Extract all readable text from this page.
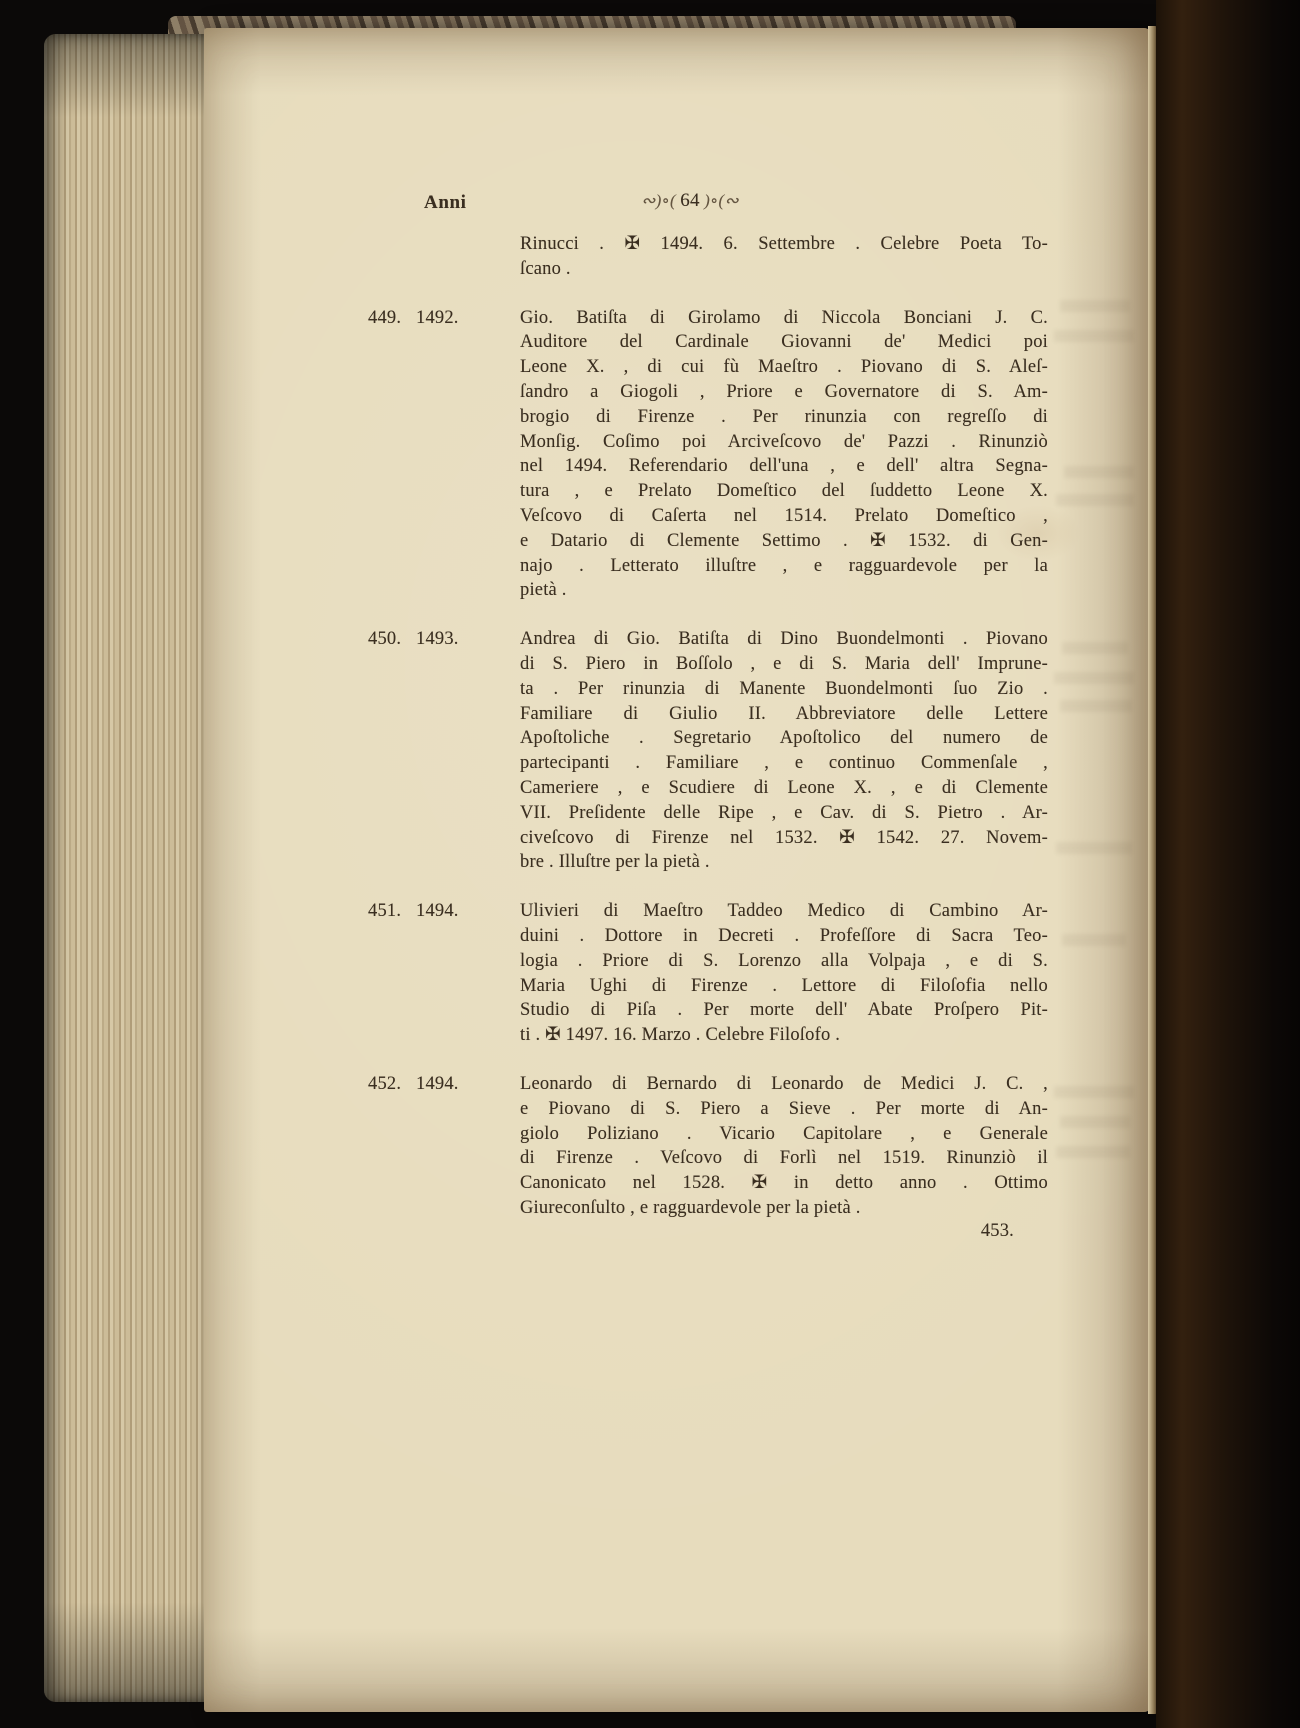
Anni	∾)∘( 64 )∘(∾
Rinucci . ✠ 1494. 6. Settembre . Celebre Poeta To-
ſcano .
449. 1492.	Gio. Batiſta di Girolamo di Niccola Bonciani J. C.
Auditore del Cardinale Giovanni de' Medici poi
Leone X. , di cui fù Maeſtro . Piovano di S. Aleſ-
ſandro a Giogoli , Priore e Governatore di S. Am-
brogio di Firenze . Per rinunzia con regreſſo di
Monſig. Coſimo poi Arciveſcovo de' Pazzi . Rinunziò
nel 1494. Referendario dell'una , e dell' altra Segna-
tura , e Prelato Domeſtico del ſuddetto Leone X.
Veſcovo di Caſerta nel 1514. Prelato Domeſtico ,
e Datario di Clemente Settimo . ✠ 1532. di Gen-
najo . Letterato illuſtre , e ragguardevole per la
pietà .
450. 1493.	Andrea di Gio. Batiſta di Dino Buondelmonti . Piovano
di S. Piero in Boſſolo , e di S. Maria dell' Imprune-
ta . Per rinunzia di Manente Buondelmonti ſuo Zio .
Familiare di Giulio II. Abbreviatore delle Lettere
Apoſtoliche . Segretario Apoſtolico del numero de
partecipanti . Familiare , e continuo Commenſale ,
Cameriere , e Scudiere di Leone X. , e di Clemente
VII. Preſidente delle Ripe , e Cav. di S. Pietro . Ar-
civeſcovo di Firenze nel 1532. ✠ 1542. 27. Novem-
bre . Illuſtre per la pietà .
451. 1494.	Ulivieri di Maeſtro Taddeo Medico di Cambino Ar-
duini . Dottore in Decreti . Profeſſore di Sacra Teo-
logia . Priore di S. Lorenzo alla Volpaja , e di S.
Maria Ughi di Firenze . Lettore di Filoſofia nello
Studio di Piſa . Per morte dell' Abate Proſpero Pit-
ti . ✠ 1497. 16. Marzo . Celebre Filoſofo .
452. 1494.	Leonardo di Bernardo di Leonardo de Medici J. C. ,
e Piovano di S. Piero a Sieve . Per morte di An-
giolo Poliziano . Vicario Capitolare , e Generale
di Firenze . Veſcovo di Forlì nel 1519. Rinunziò il
Canonicato nel 1528. ✠ in detto anno . Ottimo
Giureconſulto , e ragguardevole per la pietà .
453.
